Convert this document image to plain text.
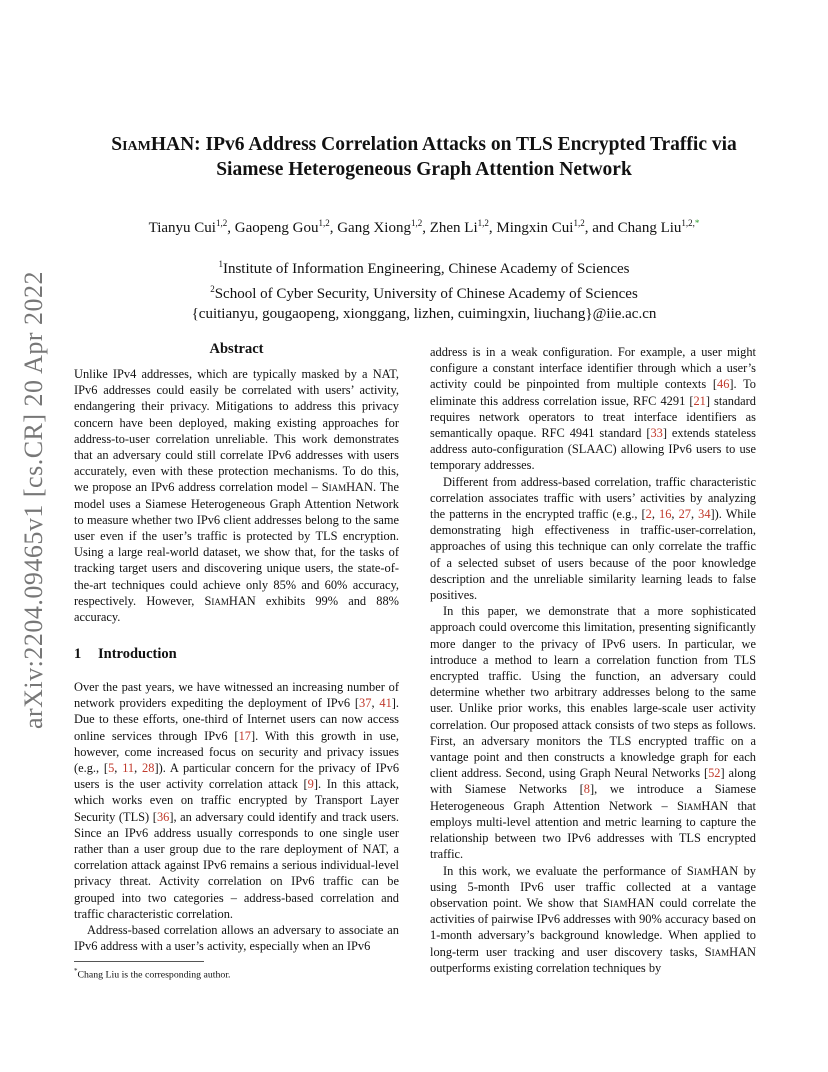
arXiv:2204.09465v1 [cs.CR] 20 Apr 2022
SiamHAN: IPv6 Address Correlation Attacks on TLS Encrypted Traffic via
Siamese Heterogeneous Graph Attention Network
Tianyu Cui$^{1,2}$, Gaopeng Gou$^{1,2}$, Gang Xiong$^{1,2}$, Zhen Li$^{1,2}$, Mingxin Cui$^{1,2}$, and Chang Liu$^{1,2,*}$
$^1$Institute of Information Engineering, Chinese Academy of Sciences
$^2$School of Cyber Security, University of Chinese Academy of Sciences
{cuitianyu, gougaopeng, xionggang, lizhen, cuimingxin, liuchang}@iie.ac.cn
Abstract

Unlike IPv4 addresses, which are typically masked by a NAT, IPv6 addresses could easily be correlated with users’ activity, endangering their privacy. Mitigations to address this privacy concern have been deployed, making existing approaches for address-to-user correlation unreliable. This work demonstrates that an adversary could still correlate IPv6 addresses with users accurately, even with these protection mechanisms. To do this, we propose an IPv6 address correlation model – SiamHAN. The model uses a Siamese Heterogeneous Graph Attention Network to measure whether two IPv6 client addresses belong to the same user even if the user’s traffic is protected by TLS encryption. Using a large real-world dataset, we show that, for the tasks of tracking target users and discovering unique users, the state-of-the-art techniques could achieve only 85% and 60% accuracy, respectively. However, SiamHAN exhibits 99% and 88% accuracy.

1 Introduction

Over the past years, we have witnessed an increasing number of network providers expediting the deployment of IPv6 [37, 41]. Due to these efforts, one-third of Internet users can now access online services through IPv6 [17]. With this growth in use, however, come increased focus on security and privacy issues (e.g., [5, 11, 28]). A particular concern for the privacy of IPv6 users is the user activity correlation attack [9]. In this attack, which works even on traffic encrypted by Transport Layer Security (TLS) [36], an adversary could identify and track users. Since an IPv6 address usually corresponds to one single user rather than a user group due to the rare deployment of NAT, a correlation attack against IPv6 remains a serious individual-level privacy threat. Activity correlation on IPv6 traffic can be grouped into two categories – address-based correlation and traffic characteristic correlation.

Address-based correlation allows an adversary to associate an IPv6 address with a user’s activity, especially when an IPv6

*Chang Liu is the corresponding author.

address is in a weak configuration. For example, a user might configure a constant interface identifier through which a user’s activity could be pinpointed from multiple contexts [46]. To eliminate this address correlation issue, RFC 4291 [21] standard requires network operators to treat interface identifiers as semantically opaque. RFC 4941 standard [33] extends stateless address auto-configuration (SLAAC) allowing IPv6 users to use temporary addresses.

Different from address-based correlation, traffic characteristic correlation associates traffic with users’ activities by analyzing the patterns in the encrypted traffic (e.g., [2, 16, 27, 34]). While demonstrating high effectiveness in traffic-user-correlation, approaches of using this technique can only correlate the traffic of a selected subset of users because of the poor knowledge description and the unreliable similarity learning leads to false positives.

In this paper, we demonstrate that a more sophisticated approach could overcome this limitation, presenting significantly more danger to the privacy of IPv6 users. In particular, we introduce a method to learn a correlation function from TLS encrypted traffic. Using the function, an adversary could determine whether two arbitrary addresses belong to the same user. Unlike prior works, this enables large-scale user activity correlation. Our proposed attack consists of two steps as follows. First, an adversary monitors the TLS encrypted traffic on a vantage point and then constructs a knowledge graph for each client address. Second, using Graph Neural Networks [52] along with Siamese Networks [8], we introduce a Siamese Heterogeneous Graph Attention Network – SiamHAN that employs multi-level attention and metric learning to capture the relationship between two IPv6 addresses with TLS encrypted traffic.

In this work, we evaluate the performance of SiamHAN by using 5-month IPv6 user traffic collected at a vantage observation point. We show that SiamHAN could correlate the activities of pairwise IPv6 addresses with 90% accuracy based on 1-month adversary’s background knowledge. When applied to long-term user tracking and user discovery tasks, SiamHAN outperforms existing correlation techniques by
